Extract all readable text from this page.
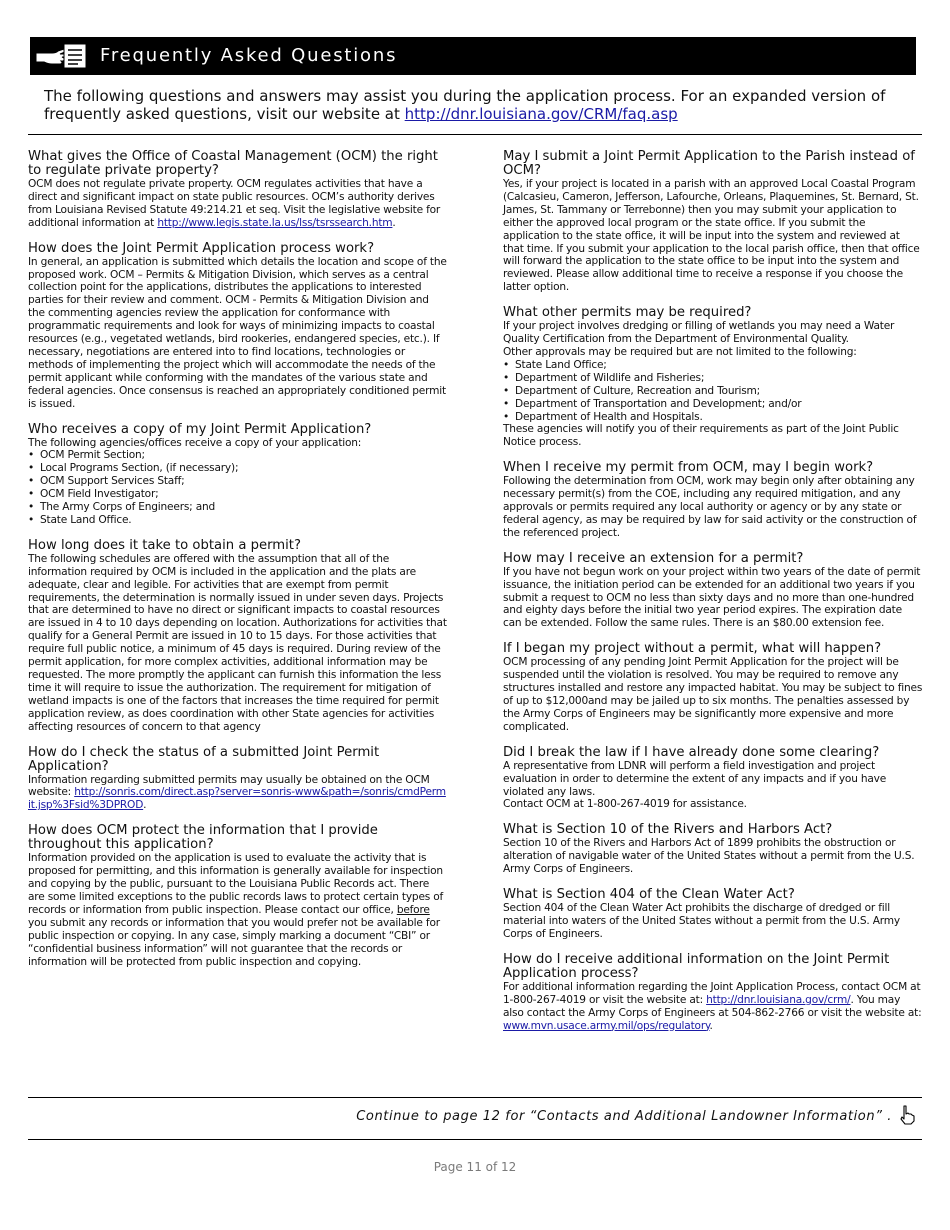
Frequently Asked Questions
The following questions and answers may assist you during the application process. For an expanded version of frequently asked questions, visit our website at http://dnr.louisiana.gov/CRM/faq.asp

What gives the Office of Coastal Management (OCM) the right to regulate private property?

OCM does not regulate private property. OCM regulates activities that have a direct and significant impact on state public resources. OCM’s authority derives from Louisiana Revised Statute 49:214.21 et seq. Visit the legislative website for additional information at http://www.legis.state.la.us/lss/tsrssearch.htm.

How does the Joint Permit Application process work?

In general, an application is submitted which details the location and scope of the proposed work. OCM – Permits & Mitigation Division, which serves as a central collection point for the applications, distributes the applications to interested parties for their review and comment. OCM - Permits & Mitigation Division and the commenting agencies review the application for conformance with programmatic requirements and look for ways of minimizing impacts to coastal resources (e.g., vegetated wetlands, bird rookeries, endangered species, etc.). If necessary, negotiations are entered into to find locations, technologies or methods of implementing the project which will accommodate the needs of the permit applicant while conforming with the mandates of the various state and federal agencies. Once consensus is reached an appropriately conditioned permit is issued.

Who receives a copy of my Joint Permit Application?

The following agencies/offices receive a copy of your application:

• OCM Permit Section;
• Local Programs Section, (if necessary);
• OCM Support Services Staff;
• OCM Field Investigator;
• The Army Corps of Engineers; and
• State Land Office.

How long does it take to obtain a permit?

The following schedules are offered with the assumption that all of the information required by OCM is included in the application and the plats are adequate, clear and legible. For activities that are exempt from permit requirements, the determination is normally issued in under seven days. Projects that are determined to have no direct or significant impacts to coastal resources are issued in 4 to 10 days depending on location. Authorizations for activities that qualify for a General Permit are issued in 10 to 15 days. For those activities that require full public notice, a minimum of 45 days is required. During review of the permit application, for more complex activities, additional information may be requested. The more promptly the applicant can furnish this information the less time it will require to issue the authorization. The requirement for mitigation of wetland impacts is one of the factors that increases the time required for permit application review, as does coordination with other State agencies for activities affecting resources of concern to that agency

How do I check the status of a submitted Joint Permit Application?

Information regarding submitted permits may usually be obtained on the OCM website: http://sonris.com/direct.asp?server=sonris-www&path=/sonris/cmdPermit.jsp%3Fsid%3DPROD.

How does OCM protect the information that I provide throughout this application?

Information provided on the application is used to evaluate the activity that is proposed for permitting, and this information is generally available for inspection and copying by the public, pursuant to the Louisiana Public Records act. There are some limited exceptions to the public records laws to protect certain types of records or information from public inspection. Please contact our office, before you submit any records or information that you would prefer not be available for public inspection or copying. In any case, simply marking a document “CBI” or “confidential business information” will not guarantee that the records or information will be protected from public inspection and copying.

May I submit a Joint Permit Application to the Parish instead of OCM?

Yes, if your project is located in a parish with an approved Local Coastal Program (Calcasieu, Cameron, Jefferson, Lafourche, Orleans, Plaquemines, St. Bernard, St. James, St. Tammany or Terrebonne) then you may submit your application to either the approved local program or the state office. If you submit the application to the state office, it will be input into the system and reviewed at that time. If you submit your application to the local parish office, then that office will forward the application to the state office to be input into the system and reviewed. Please allow additional time to receive a response if you choose the latter option.

What other permits may be required?

If your project involves dredging or filling of wetlands you may need a Water Quality Certification from the Department of Environmental Quality.

Other approvals may be required but are not limited to the following:

• State Land Office;
• Department of Wildlife and Fisheries;
• Department of Culture, Recreation and Tourism;
• Department of Transportation and Development; and/or
• Department of Health and Hospitals.

These agencies will notify you of their requirements as part of the Joint Public Notice process.

When I receive my permit from OCM, may I begin work?

Following the determination from OCM, work may begin only after obtaining any necessary permit(s) from the COE, including any required mitigation, and any approvals or permits required any local authority or agency or by any state or federal agency, as may be required by law for said activity or the construction of the referenced project.

How may I receive an extension for a permit?

If you have not begun work on your project within two years of the date of permit issuance, the initiation period can be extended for an additional two years if you submit a request to OCM no less than sixty days and no more than one-hundred and eighty days before the initial two year period expires. The expiration date can be extended. Follow the same rules. There is an $80.00 extension fee.

If I began my project without a permit, what will happen?

OCM processing of any pending Joint Permit Application for the project will be suspended until the violation is resolved. You may be required to remove any structures installed and restore any impacted habitat. You may be subject to fines of up to $12,000and may be jailed up to six months. The penalties assessed by the Army Corps of Engineers may be significantly more expensive and more complicated.

Did I break the law if I have already done some clearing?

A representative from LDNR will perform a field investigation and project evaluation in order to determine the extent of any impacts and if you have violated any laws.

Contact OCM at 1-800-267-4019 for assistance.

What is Section 10 of the Rivers and Harbors Act?

Section 10 of the Rivers and Harbors Act of 1899 prohibits the obstruction or alteration of navigable water of the United States without a permit from the U.S. Army Corps of Engineers.

What is Section 404 of the Clean Water Act?

Section 404 of the Clean Water Act prohibits the discharge of dredged or fill material into waters of the United States without a permit from the U.S. Army Corps of Engineers.

How do I receive additional information on the Joint Permit Application process?

For additional information regarding the Joint Application Process, contact OCM at 1-800-267-4019 or visit the website at: http://dnr.louisiana.gov/crm/. You may also contact the Army Corps of Engineers at 504-862-2766 or visit the website at: www.mvn.usace.army.mil/ops/regulatory.

Continue to page 12 for “Contacts and Additional Landowner Information” .
Page 11 of 12
